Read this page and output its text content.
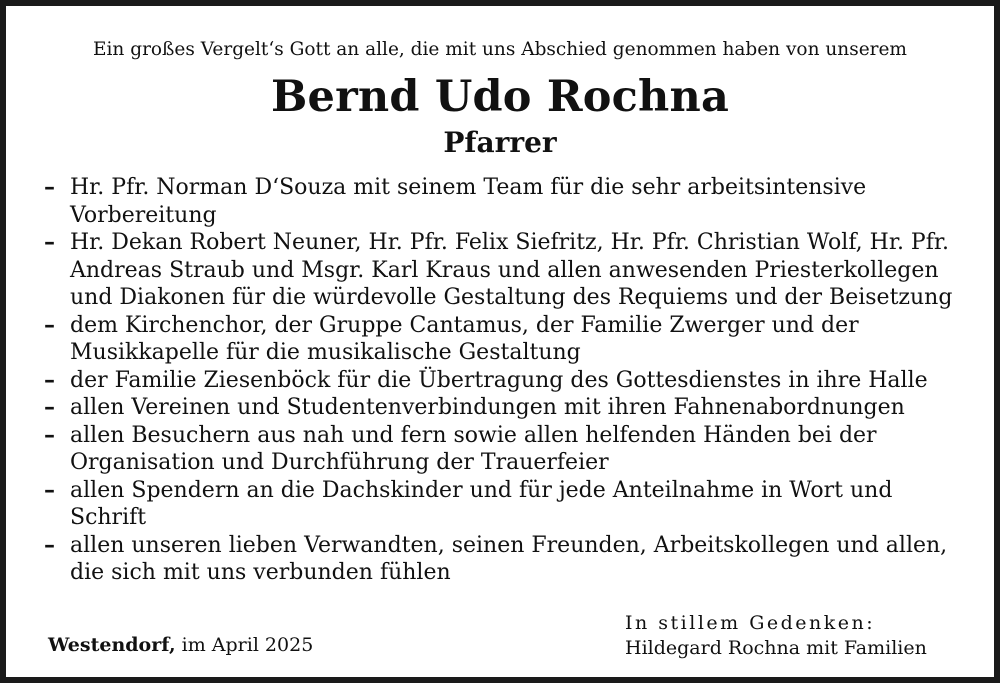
Ein großes Vergelt‘s Gott an alle, die mit uns Abschied genommen haben von unserem
Bernd Udo Rochna
Pfarrer
– Hr. Pfr. Norman D‘Souza mit seinem Team für die sehr arbeitsintensive Vorbereitung
– Hr. Dekan Robert Neuner, Hr. Pfr. Felix Siefritz, Hr. Pfr. Christian Wolf, Hr. Pfr. Andreas Straub und Msgr. Karl Kraus und allen anwesenden Priesterkollegen und Diakonen für die würdevolle Gestaltung des Requiems und der Beisetzung
– dem Kirchenchor, der Gruppe Cantamus, der Familie Zwerger und der Musikkapelle für die musikalische Gestaltung
– der Familie Ziesenböck für die Übertragung des Gottesdienstes in ihre Halle
– allen Vereinen und Studentenverbindungen mit ihren Fahnenabordnungen
– allen Besuchern aus nah und fern sowie allen helfenden Händen bei der Organisation und Durchführung der Trauerfeier
– allen Spendern an die Dachskinder und für jede Anteilnahme in Wort und Schrift
– allen unseren lieben Verwandten, seinen Freunden, Arbeitskollegen und allen, die sich mit uns verbunden fühlen
Westendorf, im April 2025
In stillem Gedenken:
Hildegard Rochna mit Familien
